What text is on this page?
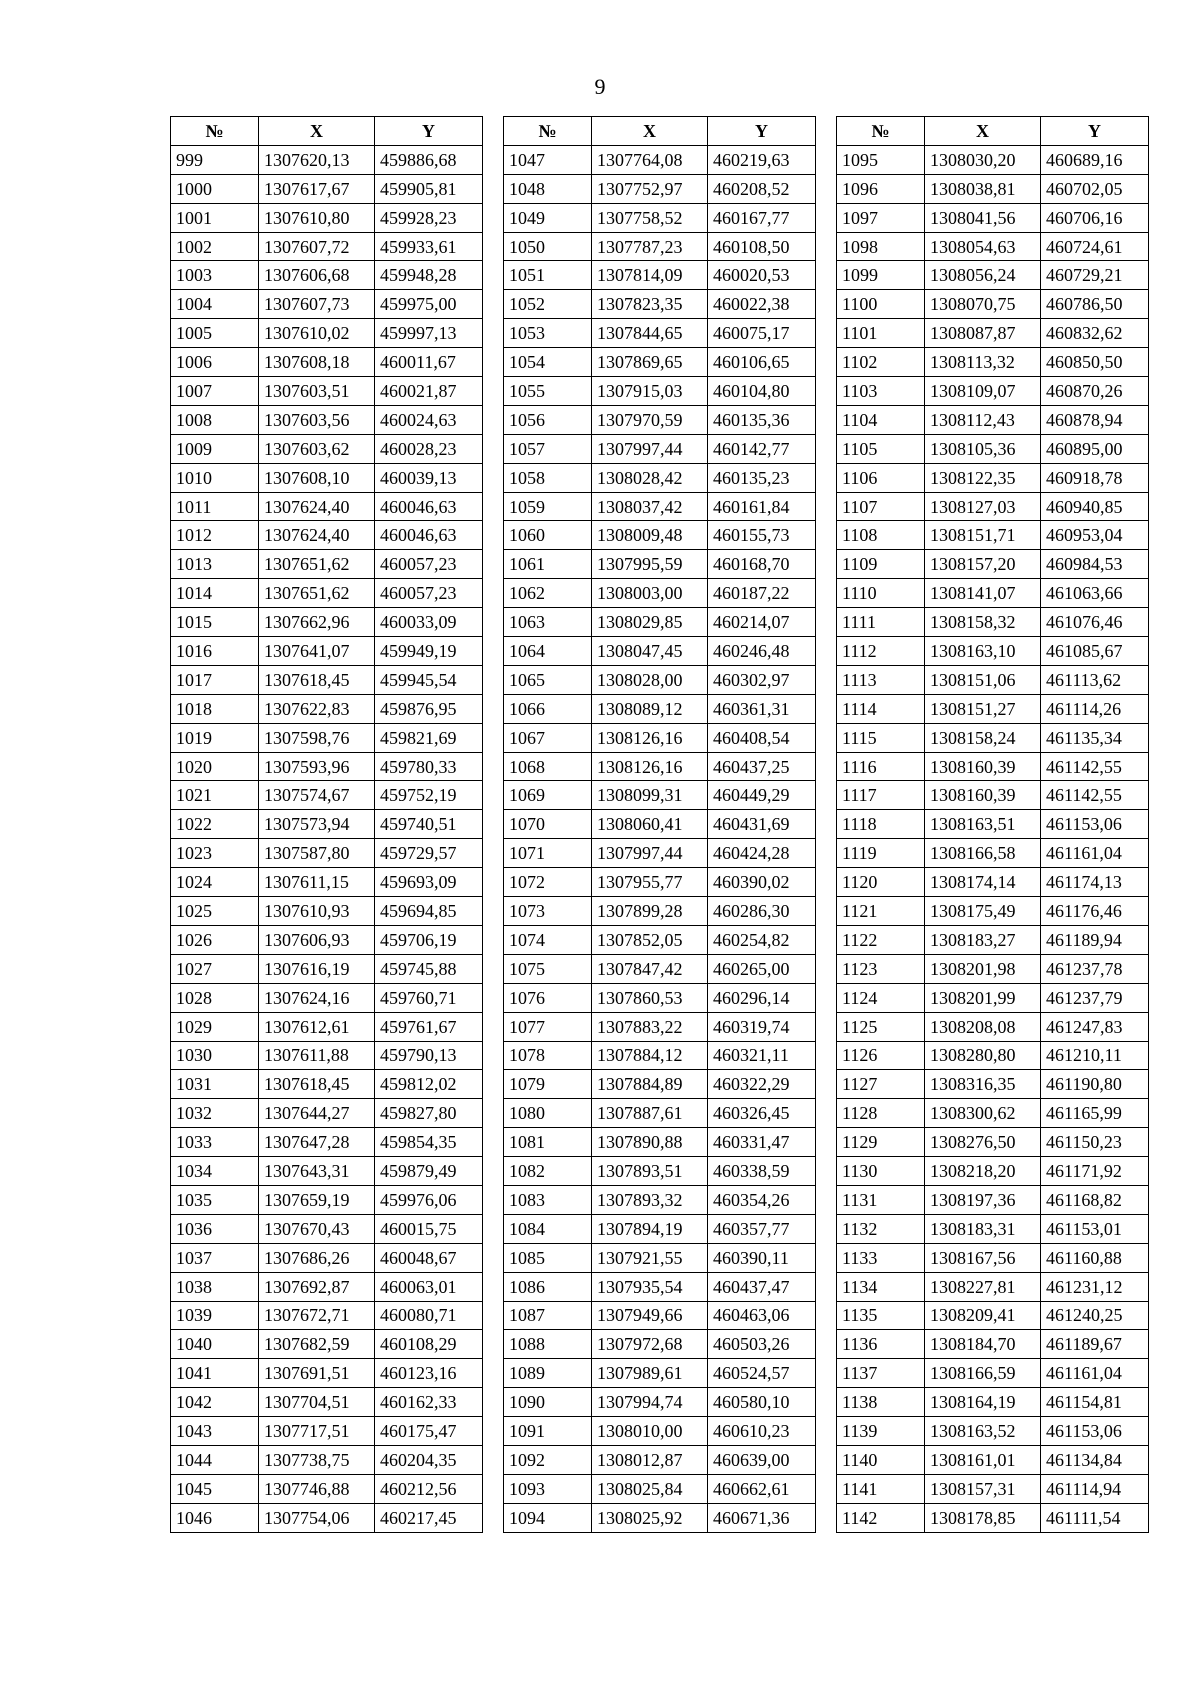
9
№	X	Y
999	1307620,13	459886,68
1000	1307617,67	459905,81
1001	1307610,80	459928,23
1002	1307607,72	459933,61
1003	1307606,68	459948,28
1004	1307607,73	459975,00
1005	1307610,02	459997,13
1006	1307608,18	460011,67
1007	1307603,51	460021,87
1008	1307603,56	460024,63
1009	1307603,62	460028,23
1010	1307608,10	460039,13
1011	1307624,40	460046,63
1012	1307624,40	460046,63
1013	1307651,62	460057,23
1014	1307651,62	460057,23
1015	1307662,96	460033,09
1016	1307641,07	459949,19
1017	1307618,45	459945,54
1018	1307622,83	459876,95
1019	1307598,76	459821,69
1020	1307593,96	459780,33
1021	1307574,67	459752,19
1022	1307573,94	459740,51
1023	1307587,80	459729,57
1024	1307611,15	459693,09
1025	1307610,93	459694,85
1026	1307606,93	459706,19
1027	1307616,19	459745,88
1028	1307624,16	459760,71
1029	1307612,61	459761,67
1030	1307611,88	459790,13
1031	1307618,45	459812,02
1032	1307644,27	459827,80
1033	1307647,28	459854,35
1034	1307643,31	459879,49
1035	1307659,19	459976,06
1036	1307670,43	460015,75
1037	1307686,26	460048,67
1038	1307692,87	460063,01
1039	1307672,71	460080,71
1040	1307682,59	460108,29
1041	1307691,51	460123,16
1042	1307704,51	460162,33
1043	1307717,51	460175,47
1044	1307738,75	460204,35
1045	1307746,88	460212,56
1046	1307754,06	460217,45
№	X	Y
1047	1307764,08	460219,63
1048	1307752,97	460208,52
1049	1307758,52	460167,77
1050	1307787,23	460108,50
1051	1307814,09	460020,53
1052	1307823,35	460022,38
1053	1307844,65	460075,17
1054	1307869,65	460106,65
1055	1307915,03	460104,80
1056	1307970,59	460135,36
1057	1307997,44	460142,77
1058	1308028,42	460135,23
1059	1308037,42	460161,84
1060	1308009,48	460155,73
1061	1307995,59	460168,70
1062	1308003,00	460187,22
1063	1308029,85	460214,07
1064	1308047,45	460246,48
1065	1308028,00	460302,97
1066	1308089,12	460361,31
1067	1308126,16	460408,54
1068	1308126,16	460437,25
1069	1308099,31	460449,29
1070	1308060,41	460431,69
1071	1307997,44	460424,28
1072	1307955,77	460390,02
1073	1307899,28	460286,30
1074	1307852,05	460254,82
1075	1307847,42	460265,00
1076	1307860,53	460296,14
1077	1307883,22	460319,74
1078	1307884,12	460321,11
1079	1307884,89	460322,29
1080	1307887,61	460326,45
1081	1307890,88	460331,47
1082	1307893,51	460338,59
1083	1307893,32	460354,26
1084	1307894,19	460357,77
1085	1307921,55	460390,11
1086	1307935,54	460437,47
1087	1307949,66	460463,06
1088	1307972,68	460503,26
1089	1307989,61	460524,57
1090	1307994,74	460580,10
1091	1308010,00	460610,23
1092	1308012,87	460639,00
1093	1308025,84	460662,61
1094	1308025,92	460671,36
№	X	Y
1095	1308030,20	460689,16
1096	1308038,81	460702,05
1097	1308041,56	460706,16
1098	1308054,63	460724,61
1099	1308056,24	460729,21
1100	1308070,75	460786,50
1101	1308087,87	460832,62
1102	1308113,32	460850,50
1103	1308109,07	460870,26
1104	1308112,43	460878,94
1105	1308105,36	460895,00
1106	1308122,35	460918,78
1107	1308127,03	460940,85
1108	1308151,71	460953,04
1109	1308157,20	460984,53
1110	1308141,07	461063,66
1111	1308158,32	461076,46
1112	1308163,10	461085,67
1113	1308151,06	461113,62
1114	1308151,27	461114,26
1115	1308158,24	461135,34
1116	1308160,39	461142,55
1117	1308160,39	461142,55
1118	1308163,51	461153,06
1119	1308166,58	461161,04
1120	1308174,14	461174,13
1121	1308175,49	461176,46
1122	1308183,27	461189,94
1123	1308201,98	461237,78
1124	1308201,99	461237,79
1125	1308208,08	461247,83
1126	1308280,80	461210,11
1127	1308316,35	461190,80
1128	1308300,62	461165,99
1129	1308276,50	461150,23
1130	1308218,20	461171,92
1131	1308197,36	461168,82
1132	1308183,31	461153,01
1133	1308167,56	461160,88
1134	1308227,81	461231,12
1135	1308209,41	461240,25
1136	1308184,70	461189,67
1137	1308166,59	461161,04
1138	1308164,19	461154,81
1139	1308163,52	461153,06
1140	1308161,01	461134,84
1141	1308157,31	461114,94
1142	1308178,85	461111,54
